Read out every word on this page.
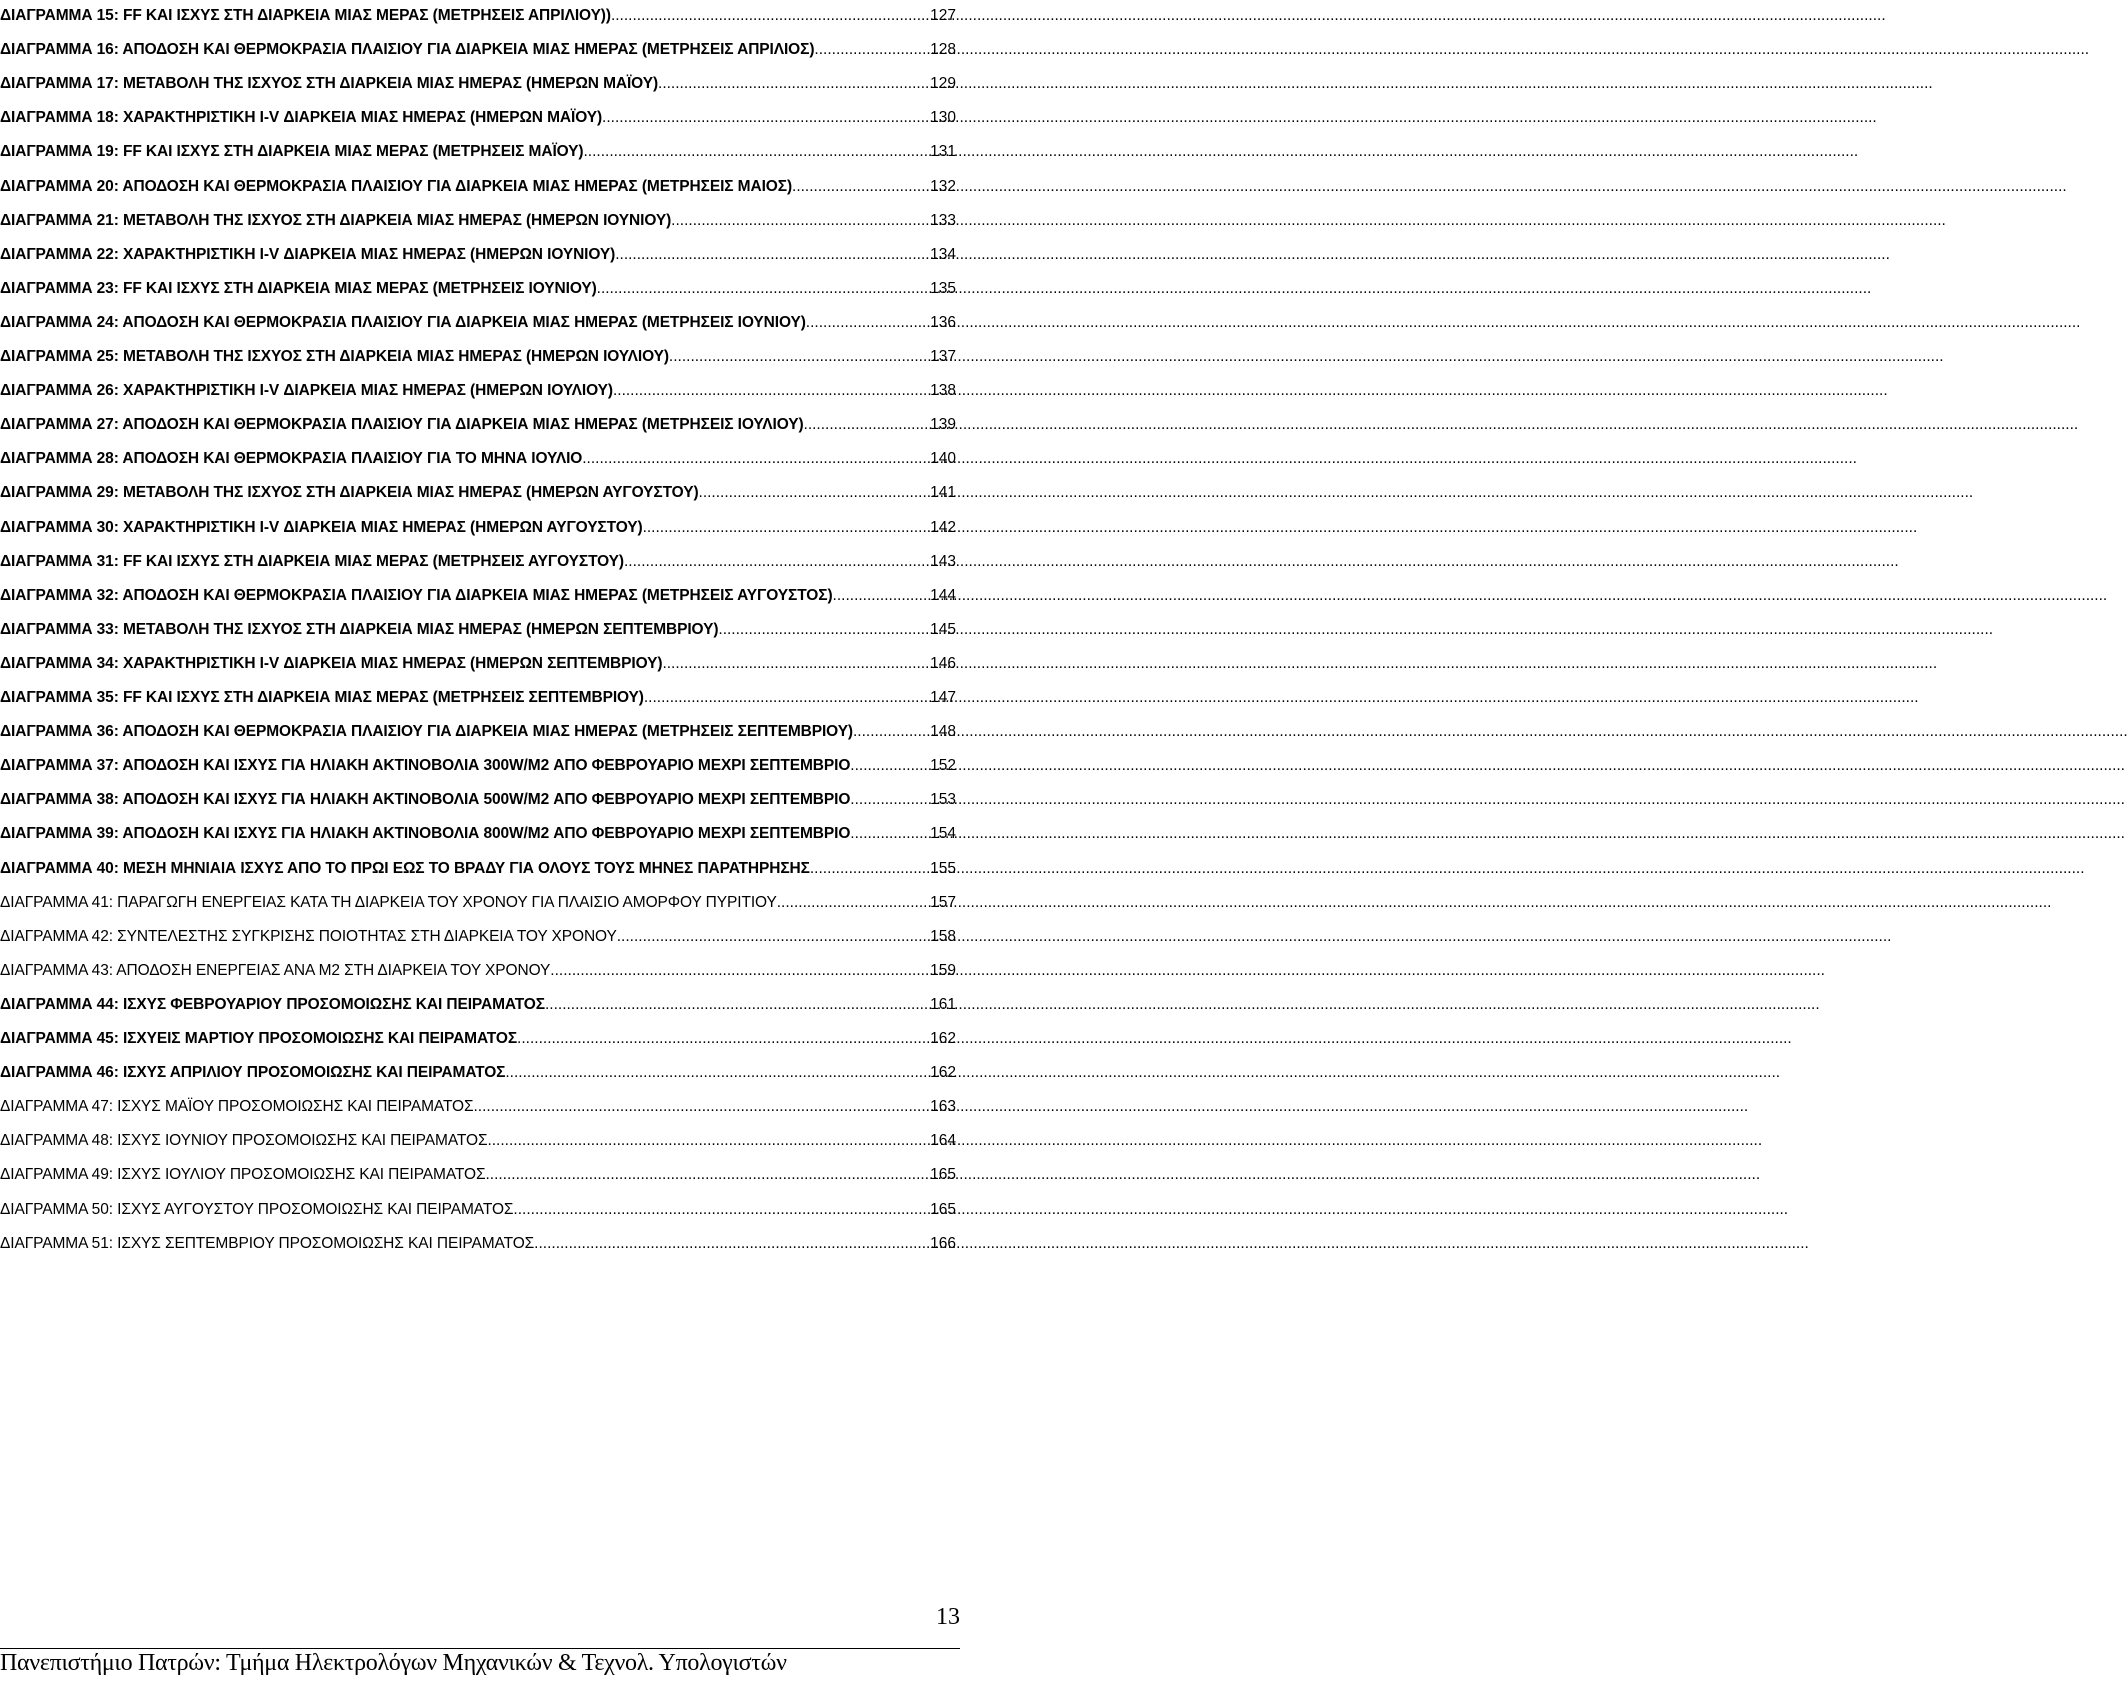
ΔΙΑΓΡΑΜΜΑ 15: FF ΚΑΙ ΙΣΧΥΣ ΣΤΗ ΔΙΑΡΚΕΙΑ ΜΙΑΣ ΜΕΡΑΣ (ΜΕΤΡΗΣΕΙΣ ΑΠΡΙΛΙΟΥ)) .....	127
ΔΙΑΓΡΑΜΜΑ 16: ΑΠΟΔΟΣΗ ΚΑΙ ΘΕΡΜΟΚΡΑΣΙΑ ΠΛΑΙΣΙΟΥ ΓΙΑ ΔΙΑΡΚΕΙΑ ΜΙΑΣ ΗΜΕΡΑΣ (ΜΕΤΡΗΣΕΙΣ ΑΠΡΙΛΙΟΣ) .....	128
ΔΙΑΓΡΑΜΜΑ 17: ΜΕΤΑΒΟΛΗ ΤΗΣ ΙΣΧΥΟΣ ΣΤΗ ΔΙΑΡΚΕΙΑ ΜΙΑΣ ΗΜΕΡΑΣ (ΗΜΕΡΩΝ ΜΑΪΟΥ) .....	129
ΔΙΑΓΡΑΜΜΑ 18: ΧΑΡΑΚΤΗΡΙΣΤΙΚΗ I-V ΔΙΑΡΚΕΙΑ ΜΙΑΣ ΗΜΕΡΑΣ (ΗΜΕΡΩΝ ΜΑΪΟΥ) .....	130
ΔΙΑΓΡΑΜΜΑ 19: FF ΚΑΙ ΙΣΧΥΣ ΣΤΗ ΔΙΑΡΚΕΙΑ ΜΙΑΣ ΜΕΡΑΣ (ΜΕΤΡΗΣΕΙΣ ΜΑΪΟΥ) .....	131
ΔΙΑΓΡΑΜΜΑ 20: ΑΠΟΔΟΣΗ ΚΑΙ ΘΕΡΜΟΚΡΑΣΙΑ ΠΛΑΙΣΙΟΥ ΓΙΑ ΔΙΑΡΚΕΙΑ ΜΙΑΣ ΗΜΕΡΑΣ (ΜΕΤΡΗΣΕΙΣ ΜΑΙΟΣ) .....	132
ΔΙΑΓΡΑΜΜΑ 21: ΜΕΤΑΒΟΛΗ ΤΗΣ ΙΣΧΥΟΣ ΣΤΗ ΔΙΑΡΚΕΙΑ ΜΙΑΣ ΗΜΕΡΑΣ (ΗΜΕΡΩΝ ΙΟΥΝΙΟΥ) .....	133
ΔΙΑΓΡΑΜΜΑ 22: ΧΑΡΑΚΤΗΡΙΣΤΙΚΗ I-V ΔΙΑΡΚΕΙΑ ΜΙΑΣ ΗΜΕΡΑΣ (ΗΜΕΡΩΝ ΙΟΥΝΙΟΥ) .....	134
ΔΙΑΓΡΑΜΜΑ 23: FF ΚΑΙ ΙΣΧΥΣ ΣΤΗ ΔΙΑΡΚΕΙΑ ΜΙΑΣ ΜΕΡΑΣ (ΜΕΤΡΗΣΕΙΣ ΙΟΥΝΙΟΥ) .....	135
ΔΙΑΓΡΑΜΜΑ 24: ΑΠΟΔΟΣΗ ΚΑΙ ΘΕΡΜΟΚΡΑΣΙΑ ΠΛΑΙΣΙΟΥ ΓΙΑ ΔΙΑΡΚΕΙΑ ΜΙΑΣ ΗΜΕΡΑΣ (ΜΕΤΡΗΣΕΙΣ ΙΟΥΝΙΟΥ) .....	136
ΔΙΑΓΡΑΜΜΑ 25: ΜΕΤΑΒΟΛΗ ΤΗΣ ΙΣΧΥΟΣ ΣΤΗ ΔΙΑΡΚΕΙΑ ΜΙΑΣ ΗΜΕΡΑΣ (ΗΜΕΡΩΝ ΙΟΥΛΙΟΥ) .....	137
ΔΙΑΓΡΑΜΜΑ 26: ΧΑΡΑΚΤΗΡΙΣΤΙΚΗ I-V ΔΙΑΡΚΕΙΑ ΜΙΑΣ ΗΜΕΡΑΣ (ΗΜΕΡΩΝ ΙΟΥΛΙΟΥ) .....	138
ΔΙΑΓΡΑΜΜΑ 27: ΑΠΟΔΟΣΗ ΚΑΙ ΘΕΡΜΟΚΡΑΣΙΑ ΠΛΑΙΣΙΟΥ ΓΙΑ ΔΙΑΡΚΕΙΑ ΜΙΑΣ ΗΜΕΡΑΣ (ΜΕΤΡΗΣΕΙΣ ΙΟΥΛΙΟΥ) .....	139
ΔΙΑΓΡΑΜΜΑ 28: ΑΠΟΔΟΣΗ ΚΑΙ ΘΕΡΜΟΚΡΑΣΙΑ ΠΛΑΙΣΙΟΥ ΓΙΑ ΤΟ ΜΗΝΑ ΙΟΥΛΙΟ .....	140
ΔΙΑΓΡΑΜΜΑ 29: ΜΕΤΑΒΟΛΗ ΤΗΣ ΙΣΧΥΟΣ ΣΤΗ ΔΙΑΡΚΕΙΑ ΜΙΑΣ ΗΜΕΡΑΣ (ΗΜΕΡΩΝ ΑΥΓΟΥΣΤΟΥ) .....	141
ΔΙΑΓΡΑΜΜΑ 30: ΧΑΡΑΚΤΗΡΙΣΤΙΚΗ I-V ΔΙΑΡΚΕΙΑ ΜΙΑΣ ΗΜΕΡΑΣ (ΗΜΕΡΩΝ ΑΥΓΟΥΣΤΟΥ) .....	142
ΔΙΑΓΡΑΜΜΑ 31: FF ΚΑΙ ΙΣΧΥΣ ΣΤΗ ΔΙΑΡΚΕΙΑ ΜΙΑΣ ΜΕΡΑΣ (ΜΕΤΡΗΣΕΙΣ ΑΥΓΟΥΣΤΟΥ) .....	143
ΔΙΑΓΡΑΜΜΑ 32: ΑΠΟΔΟΣΗ ΚΑΙ ΘΕΡΜΟΚΡΑΣΙΑ ΠΛΑΙΣΙΟΥ ΓΙΑ ΔΙΑΡΚΕΙΑ ΜΙΑΣ ΗΜΕΡΑΣ (ΜΕΤΡΗΣΕΙΣ ΑΥΓΟΥΣΤΟΣ) .....	144
ΔΙΑΓΡΑΜΜΑ 33: ΜΕΤΑΒΟΛΗ ΤΗΣ ΙΣΧΥΟΣ ΣΤΗ ΔΙΑΡΚΕΙΑ ΜΙΑΣ ΗΜΕΡΑΣ (ΗΜΕΡΩΝ ΣΕΠΤΕΜΒΡΙΟΥ) .....	145
ΔΙΑΓΡΑΜΜΑ 34: ΧΑΡΑΚΤΗΡΙΣΤΙΚΗ I-V ΔΙΑΡΚΕΙΑ ΜΙΑΣ ΗΜΕΡΑΣ (ΗΜΕΡΩΝ ΣΕΠΤΕΜΒΡΙΟΥ) .....	146
ΔΙΑΓΡΑΜΜΑ 35: FF ΚΑΙ ΙΣΧΥΣ ΣΤΗ ΔΙΑΡΚΕΙΑ ΜΙΑΣ ΜΕΡΑΣ (ΜΕΤΡΗΣΕΙΣ ΣΕΠΤΕΜΒΡΙΟΥ) .....	147
ΔΙΑΓΡΑΜΜΑ 36: ΑΠΟΔΟΣΗ ΚΑΙ ΘΕΡΜΟΚΡΑΣΙΑ ΠΛΑΙΣΙΟΥ ΓΙΑ ΔΙΑΡΚΕΙΑ ΜΙΑΣ ΗΜΕΡΑΣ (ΜΕΤΡΗΣΕΙΣ ΣΕΠΤΕΜΒΡΙΟΥ) .....	148
ΔΙΑΓΡΑΜΜΑ 37: ΑΠΟΔΟΣΗ ΚΑΙ ΙΣΧΥΣ ΓΙΑ ΗΛΙΑΚΗ ΑΚΤΙΝΟΒΟΛΙΑ 300W/M2 ΑΠΟ ΦΕΒΡΟΥΑΡΙΟ ΜΕΧΡΙ ΣΕΠΤΕΜΒΡΙΟ .....	152
ΔΙΑΓΡΑΜΜΑ 38: ΑΠΟΔΟΣΗ ΚΑΙ ΙΣΧΥΣ ΓΙΑ ΗΛΙΑΚΗ ΑΚΤΙΝΟΒΟΛΙΑ 500W/M2 ΑΠΟ ΦΕΒΡΟΥΑΡΙΟ ΜΕΧΡΙ ΣΕΠΤΕΜΒΡΙΟ .....	153
ΔΙΑΓΡΑΜΜΑ 39: ΑΠΟΔΟΣΗ ΚΑΙ ΙΣΧΥΣ ΓΙΑ ΗΛΙΑΚΗ ΑΚΤΙΝΟΒΟΛΙΑ 800W/M2 ΑΠΟ ΦΕΒΡΟΥΑΡΙΟ ΜΕΧΡΙ ΣΕΠΤΕΜΒΡΙΟ .....	154
ΔΙΑΓΡΑΜΜΑ 40: ΜΕΣΗ ΜΗΝΙΑΙΑ ΙΣΧΥΣ ΑΠΟ ΤΟ ΠΡΩΙ ΕΩΣ ΤΟ ΒΡΑΔΥ ΓΙΑ ΟΛΟΥΣ ΤΟΥΣ ΜΗΝΕΣ ΠΑΡΑΤΗΡΗΣΗΣ .....	155
ΔΙΑΓΡΑΜΜΑ 41: ΠΑΡΑΓΩΓΗ ΕΝΕΡΓΕΙΑΣ ΚΑΤΑ ΤΗ ΔΙΑΡΚΕΙΑ ΤΟΥ ΧΡΟΝΟΥ ΓΙΑ ΠΛΑΙΣΙΟ ΑΜΟΡΦΟΥ ΠΥΡΙΤΙΟΥ .....	157
ΔΙΑΓΡΑΜΜΑ 42: ΣΥΝΤΕΛΕΣΤΗΣ ΣΥΓΚΡΙΣΗΣ ΠΟΙΟΤΗΤΑΣ ΣΤΗ ΔΙΑΡΚΕΙΑ ΤΟΥ ΧΡΟΝΟΥ .....	158
ΔΙΑΓΡΑΜΜΑ 43: ΑΠΟΔΟΣΗ ΕΝΕΡΓΕΙΑΣ ΑΝΑ Μ2 ΣΤΗ ΔΙΑΡΚΕΙΑ ΤΟΥ ΧΡΟΝΟΥ .....	159
ΔΙΑΓΡΑΜΜΑ 44: ΙΣΧΥΣ ΦΕΒΡΟΥΑΡΙΟΥ ΠΡΟΣΟΜΟΙΩΣΗΣ ΚΑΙ ΠΕΙΡΑΜΑΤΟΣ .....	161
ΔΙΑΓΡΑΜΜΑ 45: ΙΣΧΥΕΙΣ ΜΑΡΤΙΟΥ ΠΡΟΣΟΜΟΙΩΣΗΣ ΚΑΙ ΠΕΙΡΑΜΑΤΟΣ .....	162
ΔΙΑΓΡΑΜΜΑ 46: ΙΣΧΥΣ ΑΠΡΙΛΙΟΥ ΠΡΟΣΟΜΟΙΩΣΗΣ ΚΑΙ ΠΕΙΡΑΜΑΤΟΣ .....	162
ΔΙΑΓΡΑΜΜΑ 47: ΙΣΧΥΣ ΜΑΪΟΥ ΠΡΟΣΟΜΟΙΩΣΗΣ ΚΑΙ ΠΕΙΡΑΜΑΤΟΣ .....	163
ΔΙΑΓΡΑΜΜΑ 48: ΙΣΧΥΣ ΙΟΥΝΙΟΥ ΠΡΟΣΟΜΟΙΩΣΗΣ ΚΑΙ ΠΕΙΡΑΜΑΤΟΣ .....	164
ΔΙΑΓΡΑΜΜΑ 49: ΙΣΧΥΣ ΙΟΥΛΙΟΥ ΠΡΟΣΟΜΟΙΩΣΗΣ ΚΑΙ ΠΕΙΡΑΜΑΤΟΣ .....	165
ΔΙΑΓΡΑΜΜΑ 50: ΙΣΧΥΣ ΑΥΓΟΥΣΤΟΥ ΠΡΟΣΟΜΟΙΩΣΗΣ ΚΑΙ ΠΕΙΡΑΜΑΤΟΣ .....	165
ΔΙΑΓΡΑΜΜΑ 51: ΙΣΧΥΣ ΣΕΠΤΕΜΒΡΙΟΥ ΠΡΟΣΟΜΟΙΩΣΗΣ ΚΑΙ ΠΕΙΡΑΜΑΤΟΣ .....	166
13
Πανεπιστήμιο Πατρών: Τμήμα Ηλεκτρολόγων Μηχανικών & Τεχνολ. Υπολογιστών
